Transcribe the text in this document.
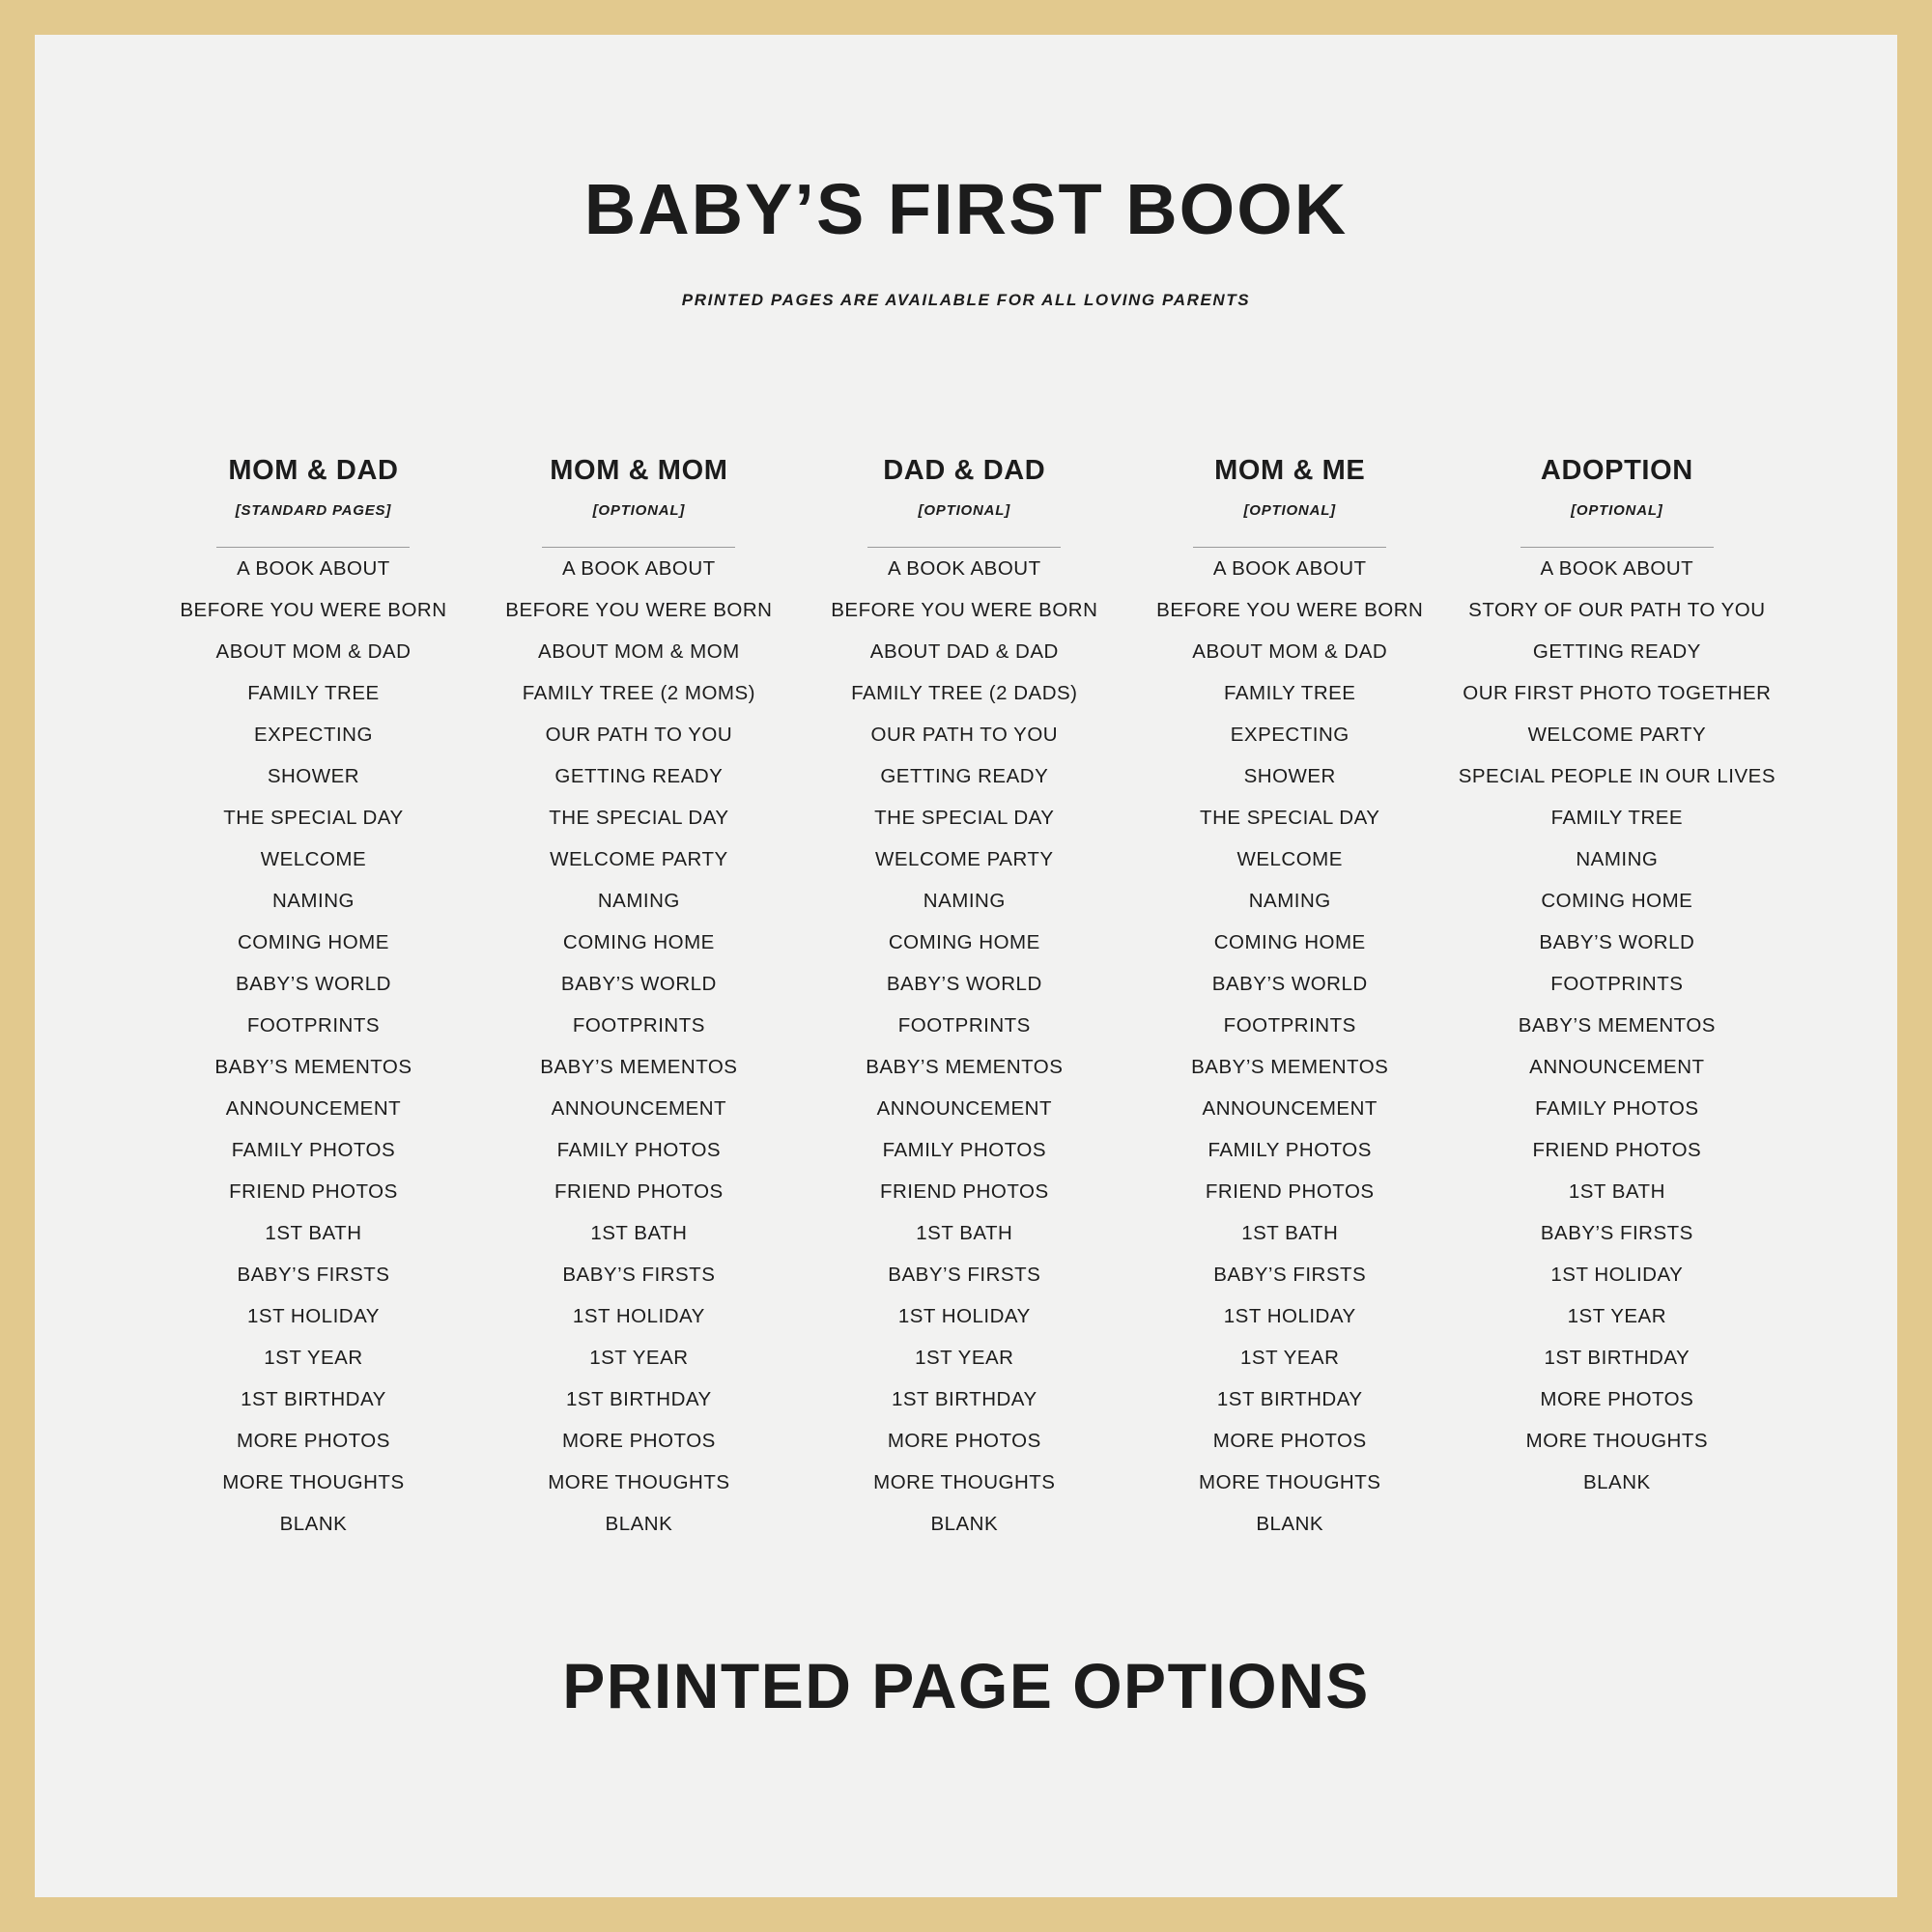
BABY’S FIRST BOOK
PRINTED PAGES ARE AVAILABLE FOR ALL LOVING PARENTS
MOM & DAD
[STANDARD PAGES]
A BOOK ABOUT
BEFORE YOU WERE BORN
ABOUT MOM & DAD
FAMILY TREE
EXPECTING
SHOWER
THE SPECIAL DAY
WELCOME
NAMING
COMING HOME
BABY’S WORLD
FOOTPRINTS
BABY’S MEMENTOS
ANNOUNCEMENT
FAMILY PHOTOS
FRIEND PHOTOS
1ST BATH
BABY’S FIRSTS
1ST HOLIDAY
1ST YEAR
1ST BIRTHDAY
MORE PHOTOS
MORE THOUGHTS
BLANK
MOM & MOM
[OPTIONAL]
A BOOK ABOUT
BEFORE YOU WERE BORN
ABOUT MOM & MOM
FAMILY TREE (2 MOMS)
OUR PATH TO YOU
GETTING READY
THE SPECIAL DAY
WELCOME PARTY
NAMING
COMING HOME
BABY’S WORLD
FOOTPRINTS
BABY’S MEMENTOS
ANNOUNCEMENT
FAMILY PHOTOS
FRIEND PHOTOS
1ST BATH
BABY’S FIRSTS
1ST HOLIDAY
1ST YEAR
1ST BIRTHDAY
MORE PHOTOS
MORE THOUGHTS
BLANK
DAD & DAD
[OPTIONAL]
A BOOK ABOUT
BEFORE YOU WERE BORN
ABOUT DAD & DAD
FAMILY TREE (2 DADS)
OUR PATH TO YOU
GETTING READY
THE SPECIAL DAY
WELCOME PARTY
NAMING
COMING HOME
BABY’S WORLD
FOOTPRINTS
BABY’S MEMENTOS
ANNOUNCEMENT
FAMILY PHOTOS
FRIEND PHOTOS
1ST BATH
BABY’S FIRSTS
1ST HOLIDAY
1ST YEAR
1ST BIRTHDAY
MORE PHOTOS
MORE THOUGHTS
BLANK
MOM & ME
[OPTIONAL]
A BOOK ABOUT
BEFORE YOU WERE BORN
ABOUT MOM & DAD
FAMILY TREE
EXPECTING
SHOWER
THE SPECIAL DAY
WELCOME
NAMING
COMING HOME
BABY’S WORLD
FOOTPRINTS
BABY’S MEMENTOS
ANNOUNCEMENT
FAMILY PHOTOS
FRIEND PHOTOS
1ST BATH
BABY’S FIRSTS
1ST HOLIDAY
1ST YEAR
1ST BIRTHDAY
MORE PHOTOS
MORE THOUGHTS
BLANK
ADOPTION
[OPTIONAL]
A BOOK ABOUT
STORY OF OUR PATH TO YOU
GETTING READY
OUR FIRST PHOTO TOGETHER
WELCOME PARTY
SPECIAL PEOPLE IN OUR LIVES
FAMILY TREE
NAMING
COMING HOME
BABY’S WORLD
FOOTPRINTS
BABY’S MEMENTOS
ANNOUNCEMENT
FAMILY PHOTOS
FRIEND PHOTOS
1ST BATH
BABY’S FIRSTS
1ST HOLIDAY
1ST YEAR
1ST BIRTHDAY
MORE PHOTOS
MORE THOUGHTS
BLANK
PRINTED PAGE OPTIONS
